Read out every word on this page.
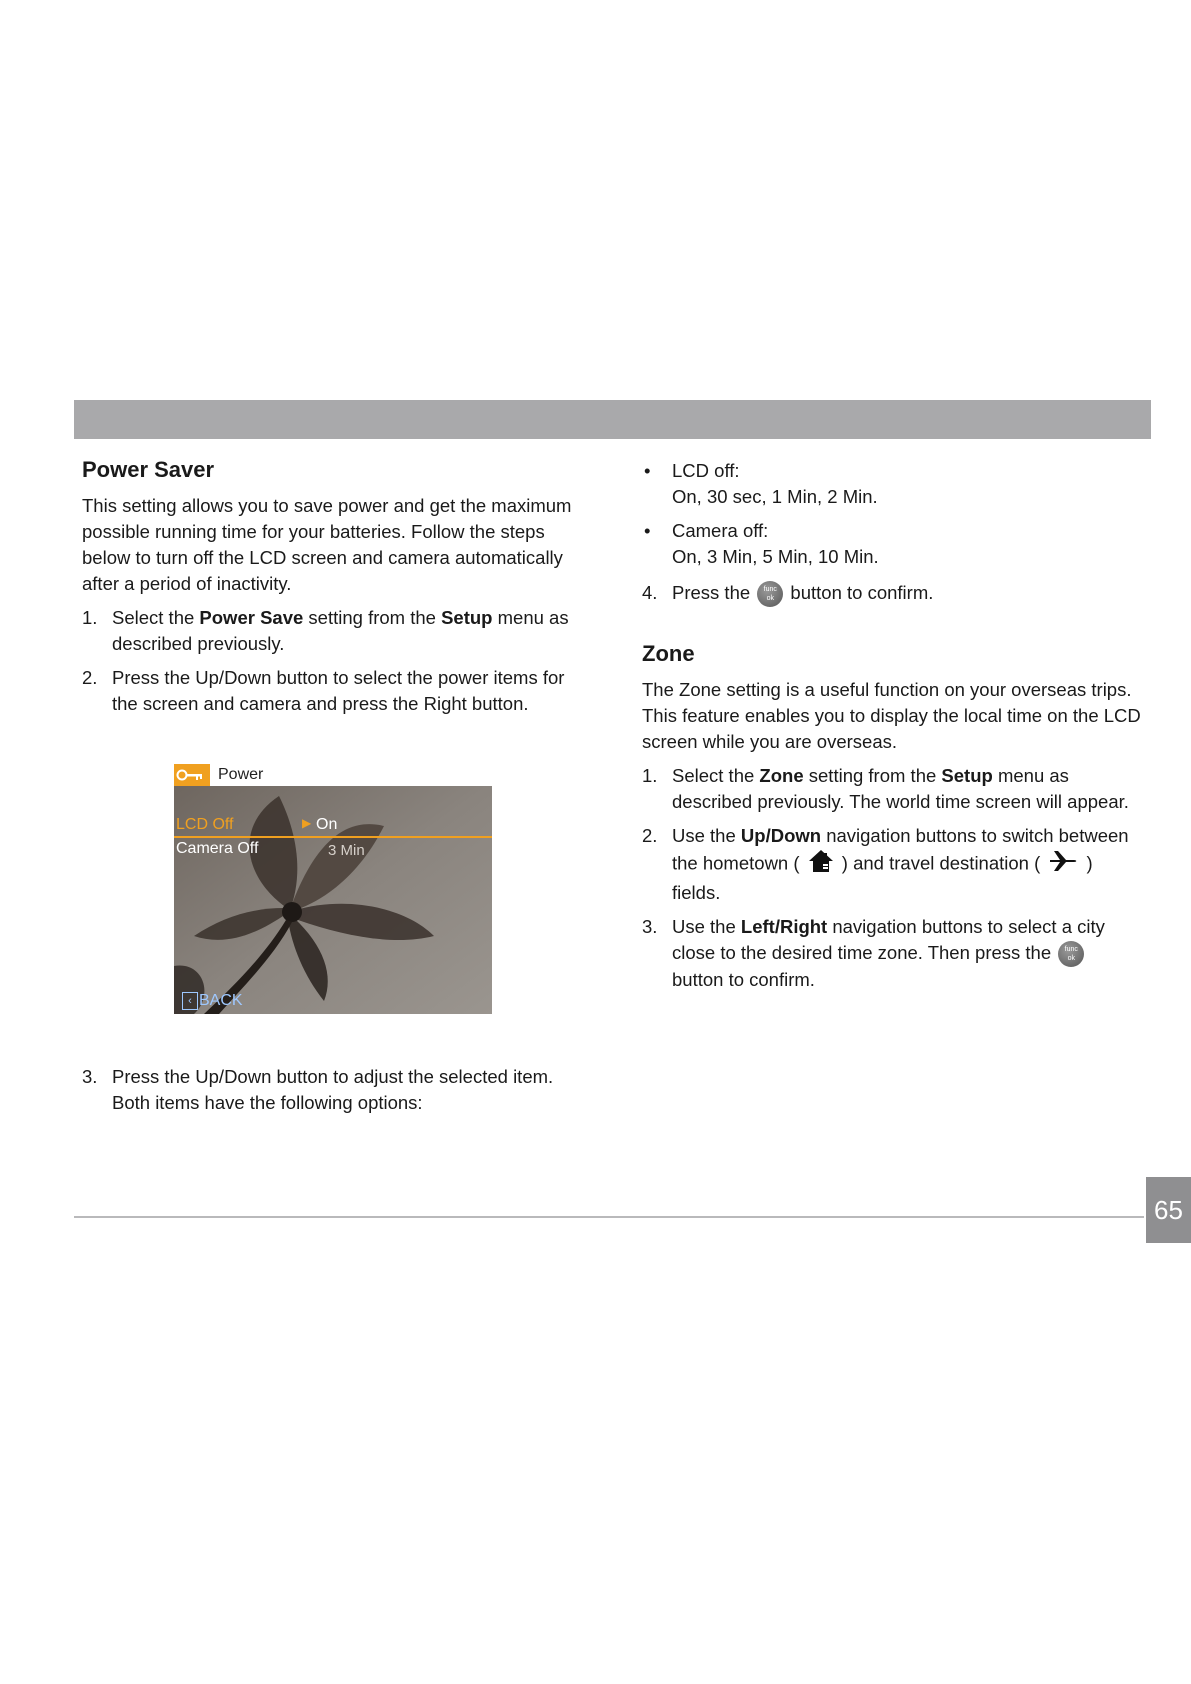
Power Saver

This setting allows you to save power and get the maximum possible running time for your batteries. Follow the steps below to turn off the LCD screen and camera automatically after a period of inactivity.

1. Select the Power Save setting from the Setup menu as described previously.
2. Press the Up/Down button to select the power items for the screen and camera and press the Right button.
Power
LCD Off	▶ On
Camera Off	3 Min
‹ BACK
3. Press the Up/Down button to adjust the selected item. Both items have the following options:
• LCD off:
On, 30 sec, 1 Min, 2 Min.
• Camera off:
On, 3 Min, 5 Min, 10 Min.
4. Press the func
ok button to confirm.
Zone

The Zone setting is a useful function on your overseas trips. This feature enables you to display the local time on the LCD screen while you are overseas.

1. Select the Zone setting from the Setup menu as described previously. The world time screen will appear.
2. Use the Up/Down navigation buttons to switch between the hometown (  ) and travel destination (  ) fields.
3. Use the Left/Right navigation buttons to select a city close to the desired time zone. Then press the func
ok button to confirm.
65
